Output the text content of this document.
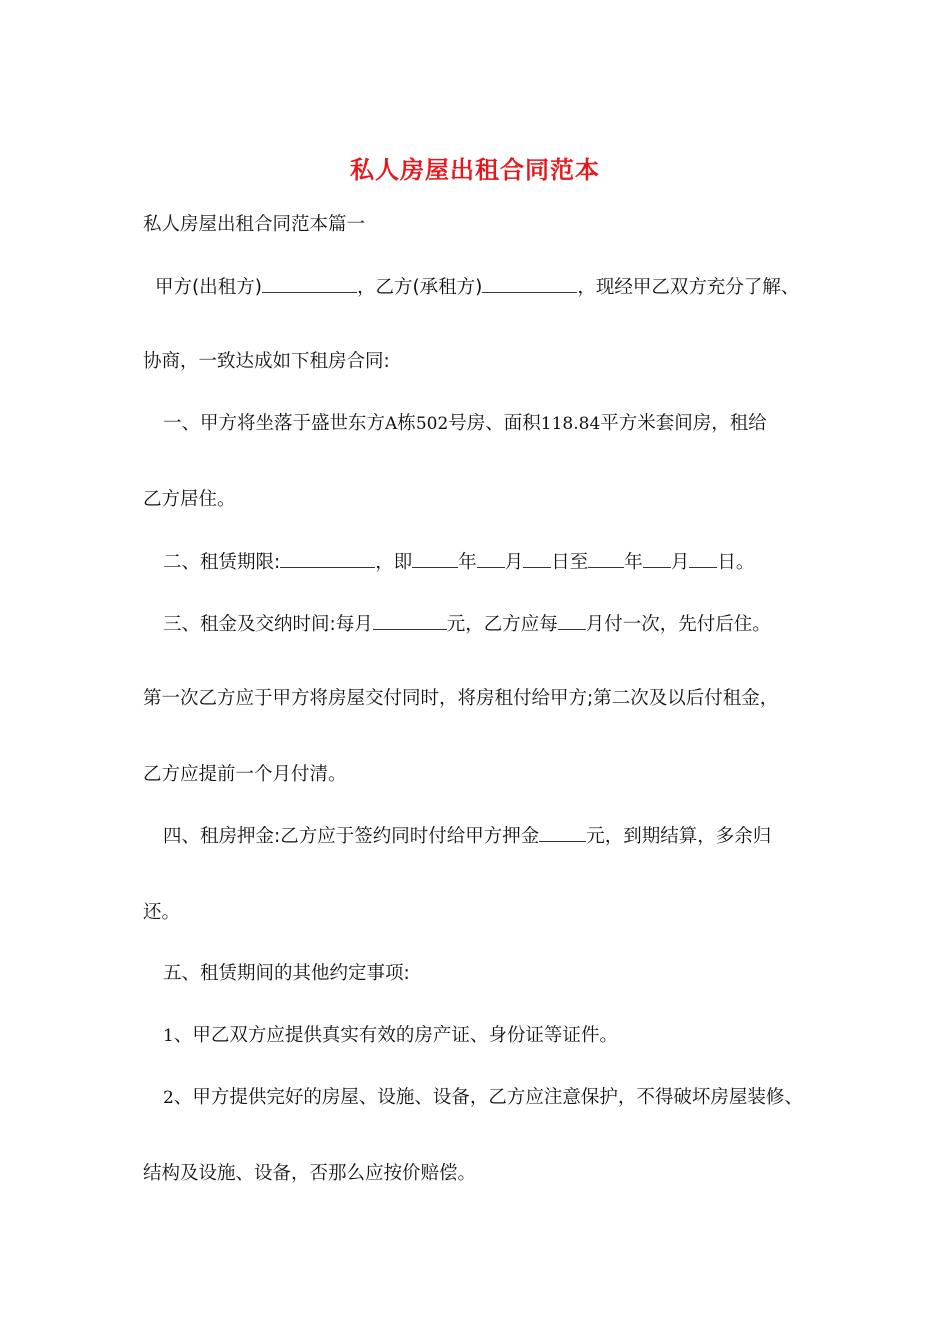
私人房屋出租合同范本
私人房屋出租合同范本篇一
甲方(出租方)	，乙方(承租方)	，现经甲乙双方充分了解、
协商，一致达成如下租房合同:
一、甲方将坐落于盛世东方A栋502号房、面积118.84平方米套间房，租给
乙方居住。
二、租赁期限:	，即 年 月 日至 年 月 日。
三、租金及交纳时间:每月	元，乙方应每 月付一次，先付后住。
第一次乙方应于甲方将房屋交付同时，将房租付给甲方;第二次及以后付租金，
乙方应提前一个月付清。
四、租房押金:乙方应于签约同时付给甲方押金	元，到期结算，多余归
还。
五、租赁期间的其他约定事项:
1、甲乙双方应提供真实有效的房产证、身份证等证件。
2、甲方提供完好的房屋、设施、设备，乙方应注意保护，不得破坏房屋装修、
结构及设施、设备，否那么应按价赔偿。
